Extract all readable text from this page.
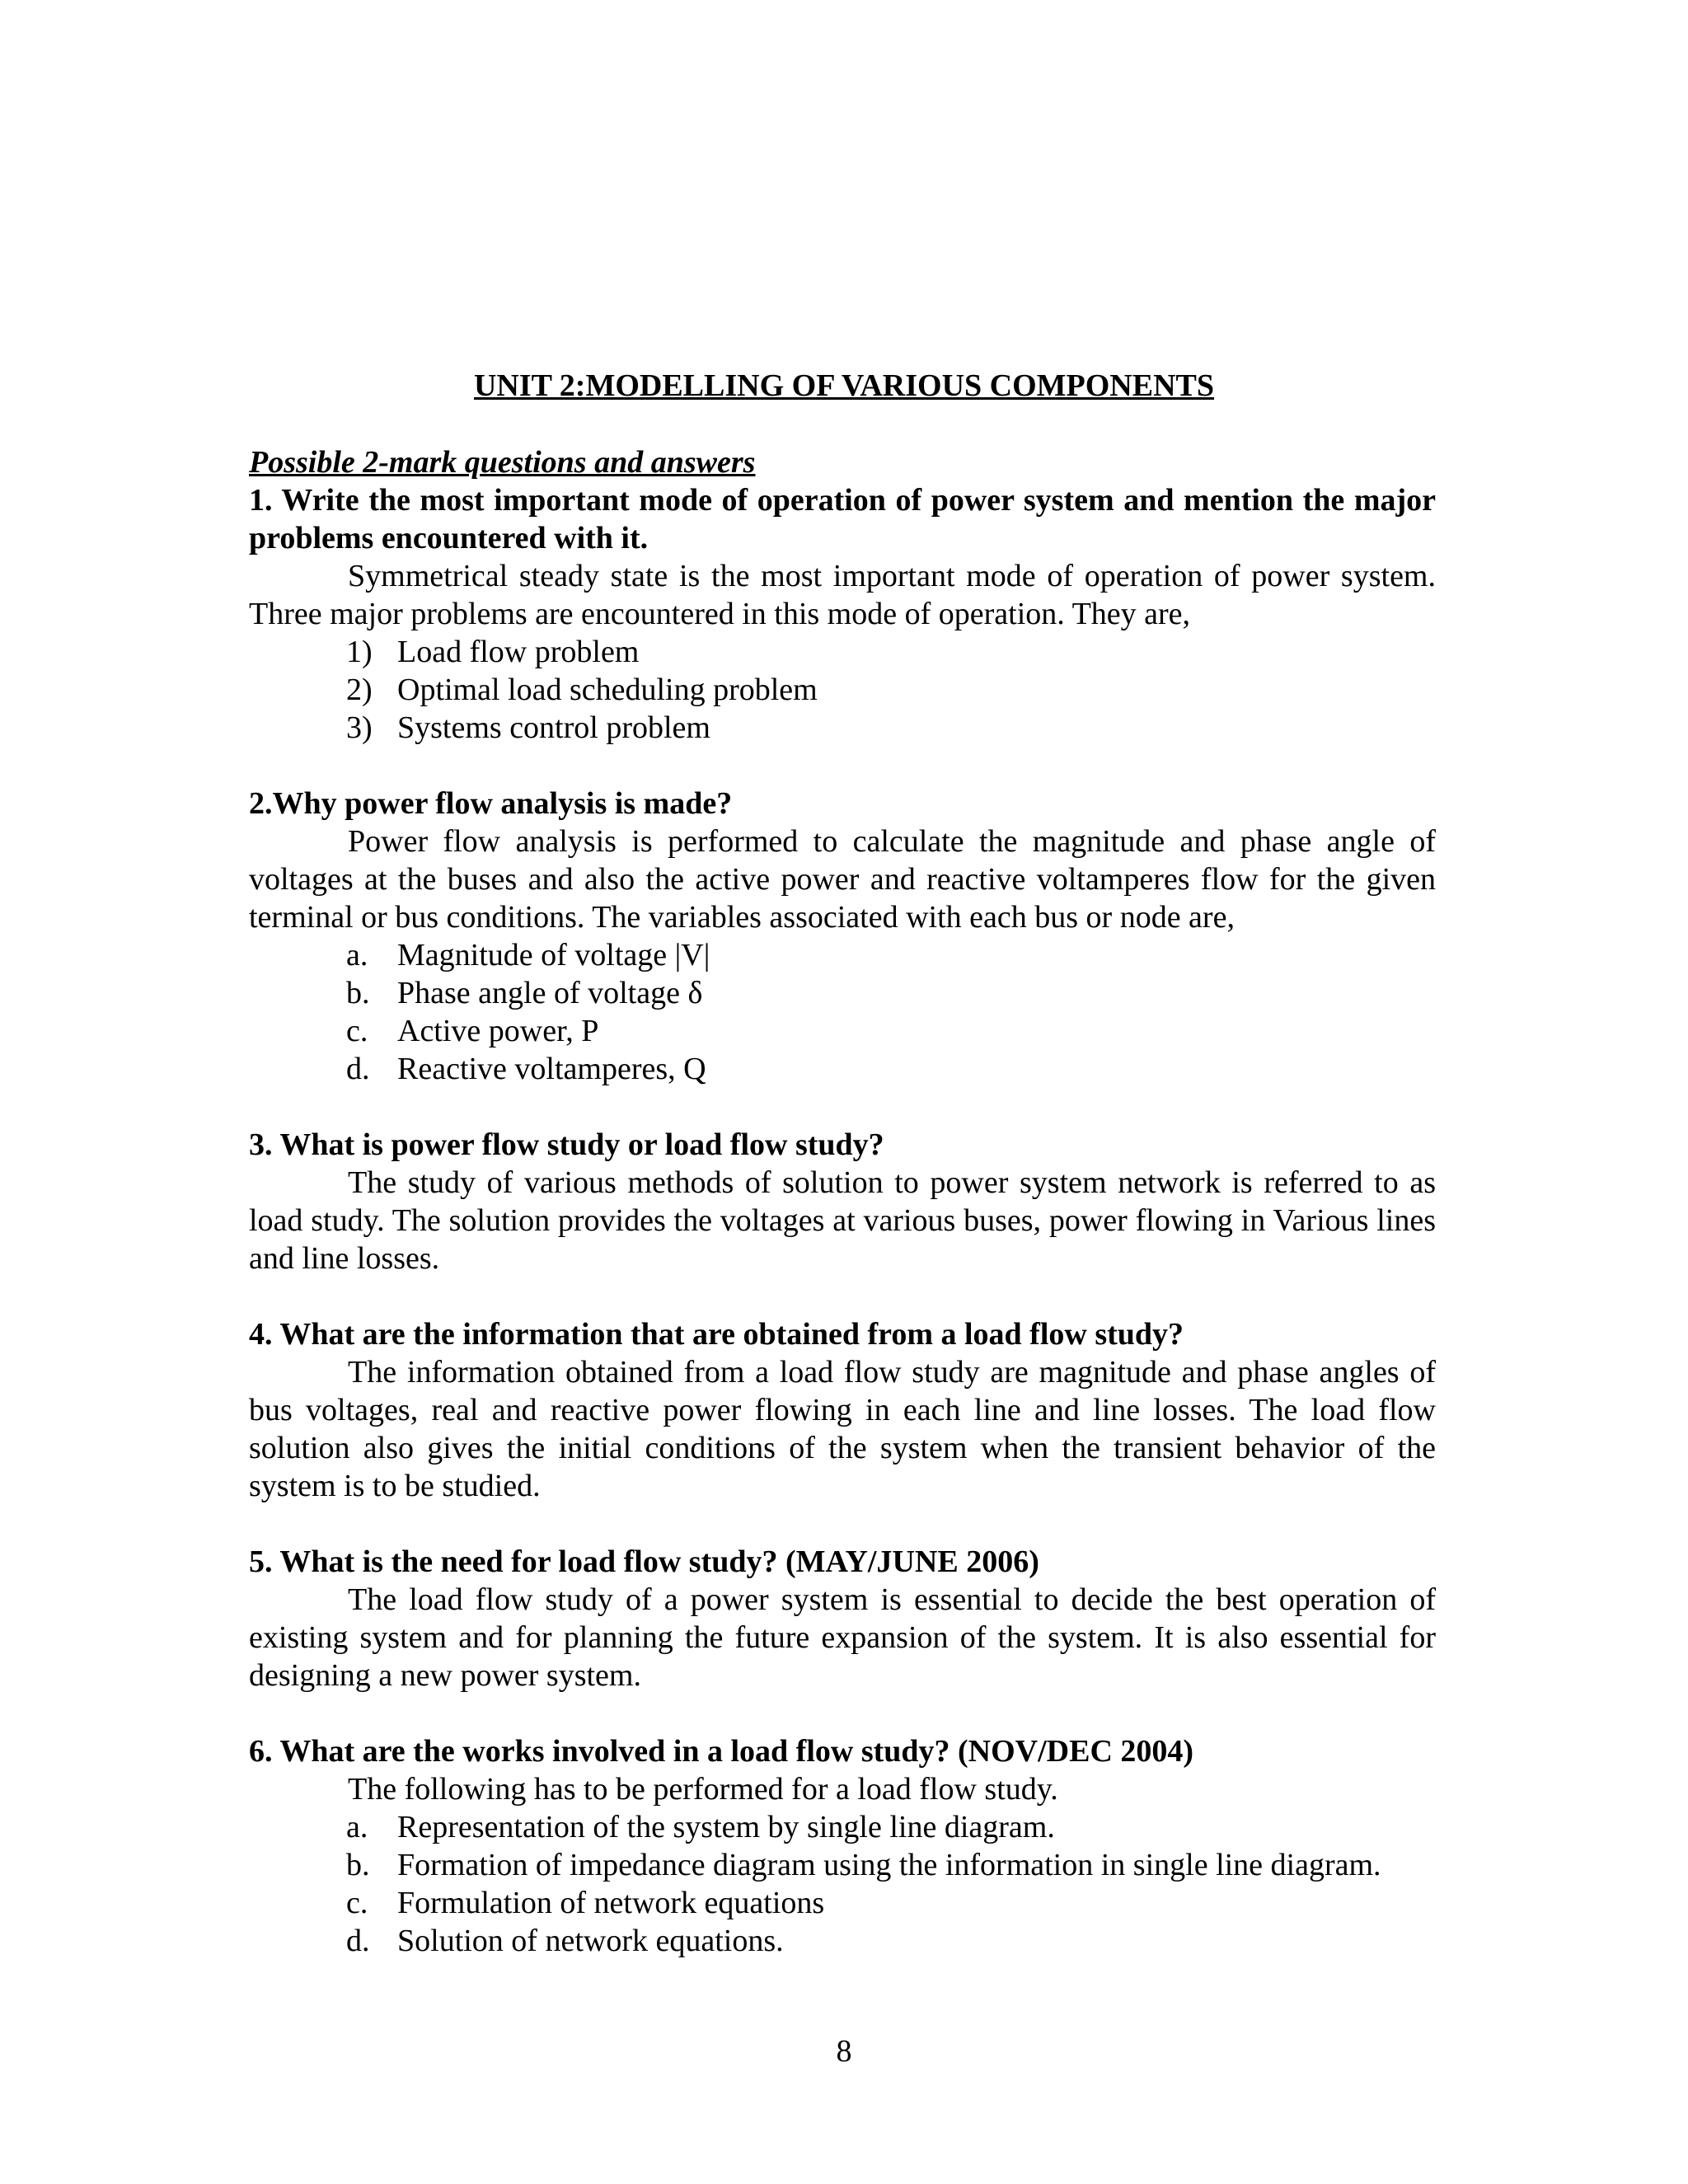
UNIT 2:MODELLING OF VARIOUS COMPONENTS
Possible 2-mark questions and answers
1. Write the most important mode of operation of power system and mention the major problems encountered with it.
Symmetrical steady state is the most important mode of operation of power system. Three major problems are encountered in this mode of operation. They are,
1) Load flow problem
2) Optimal load scheduling problem
3) Systems control problem
2.Why power flow analysis is made?
Power flow analysis is performed to calculate the magnitude and phase angle of voltages at the buses and also the active power and reactive voltamperes flow for the given terminal or bus conditions. The variables associated with each bus or node are,
a. Magnitude of voltage |V|
b. Phase angle of voltage δ
c. Active power, P
d. Reactive voltamperes, Q
3. What is power flow study or load flow study?
The study of various methods of solution to power system network is referred to as load study. The solution provides the voltages at various buses, power flowing in Various lines and line losses.
4. What are the information that are obtained from a load flow study?
The information obtained from a load flow study are magnitude and phase angles of bus voltages, real and reactive power flowing in each line and line losses. The load flow solution also gives the initial conditions of the system when the transient behavior of the system is to be studied.
5. What is the need for load flow study? (MAY/JUNE 2006)
The load flow study of a power system is essential to decide the best operation of existing system and for planning the future expansion of the system. It is also essential for designing a new power system.
6. What are the works involved in a load flow study? (NOV/DEC 2004)
The following has to be performed for a load flow study.
a. Representation of the system by single line diagram.
b. Formation of impedance diagram using the information in single line diagram.
c. Formulation of network equations
d. Solution of network equations.
8
